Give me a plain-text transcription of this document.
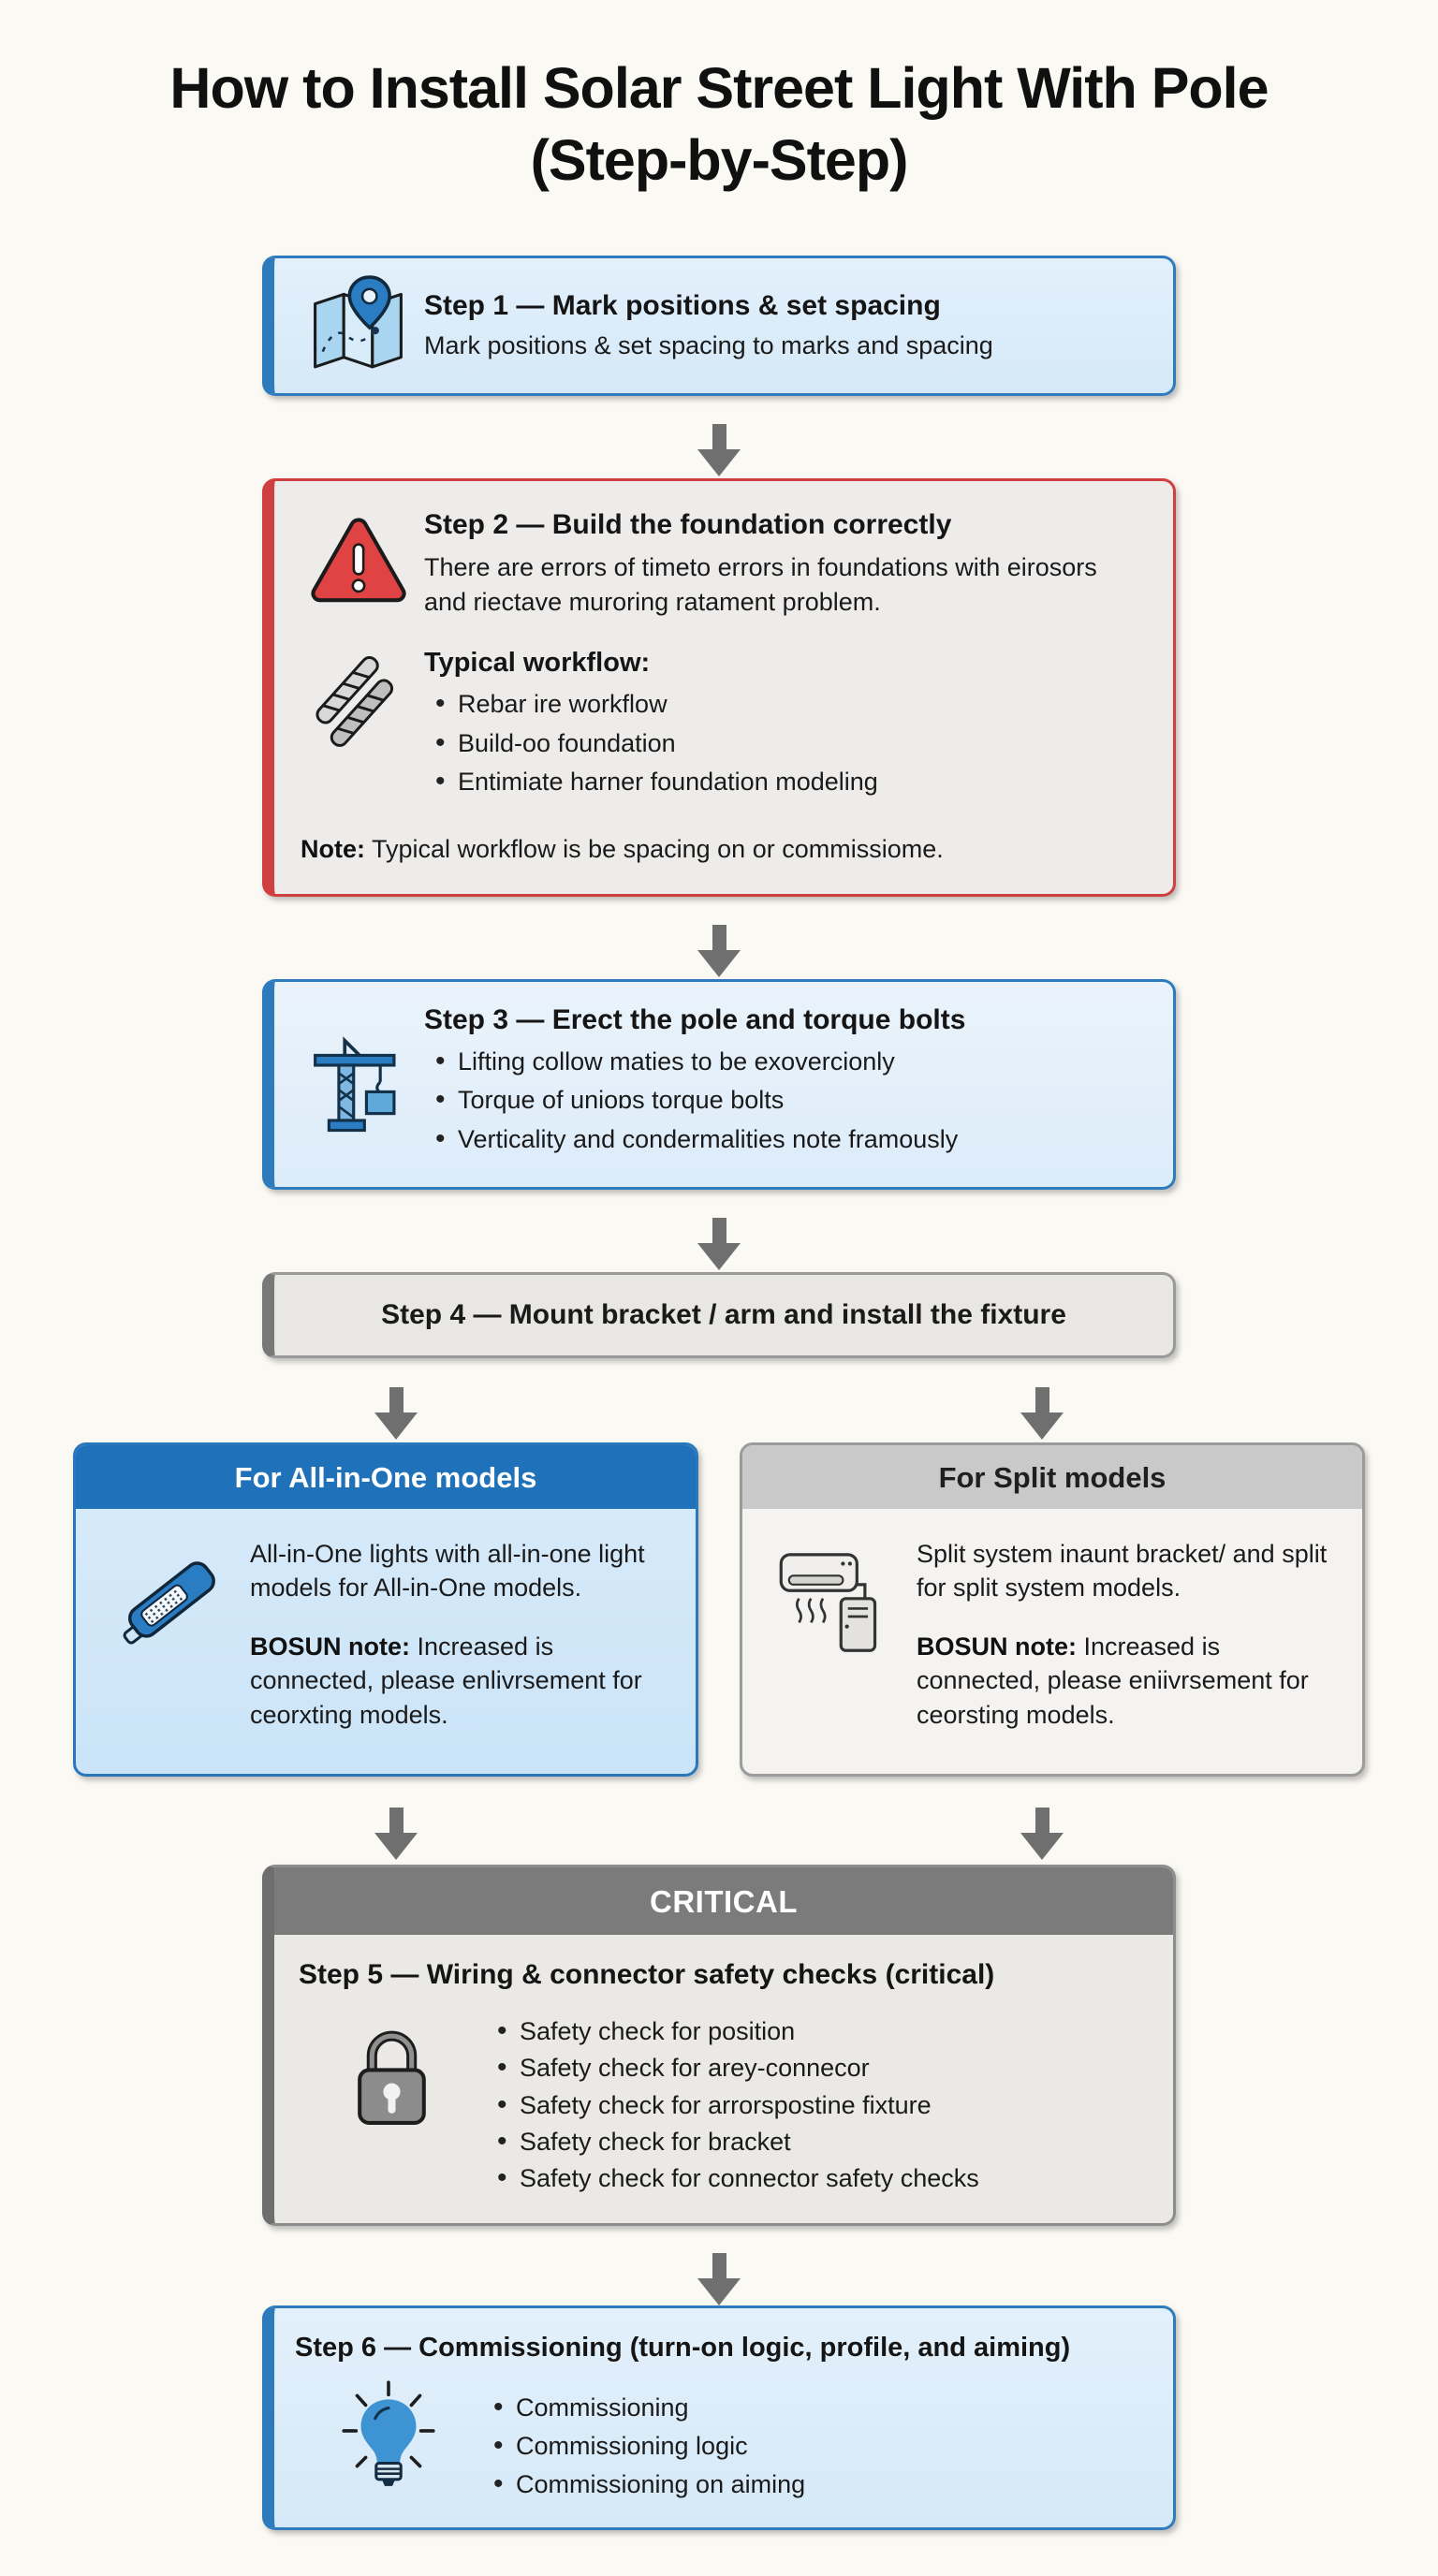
How to Install Solar Street Light With Pole
(Step-by-Step)
Step 1 — Mark positions & set spacing
Mark positions & set spacing to marks and spacing
Step 2 — Build the foundation correctly
There are errors of timeto errors in foundations with eirosors and riectave muroring ratament problem.
Typical workflow:
• Rebar ire workflow
• Build-oo foundation
• Entimiate harner foundation modeling
Note: Typical workflow is be spacing on or commissiome.
Step 3 — Erect the pole and torque bolts
• Lifting collow maties to be exovercionly
• Torque of unioɒs torque bolts
• Verticality and condermalities note framously
Step 4 — Mount bracket / arm and install the fixture
For All-in-One models

All-in-One lights with all-in-one light models for All-in-One models.

BOSUN note: Increased is connected, please enlivrsement for ceorxting models.

For Split models

Split system inaunt bracket/ and split for split system models.

BOSUN note: Increased is connected, please eniivrsement for ceorsting models.

CRITICAL
Step 5 — Wiring & connector safety checks (critical)
• Safety check for position
• Safety check for arey-connecor
• Safety check for arrorspostine fixture
• Safety check for bracket
• Safety check for connector safety checks
Step 6 — Commissioning (turn-on logic, profile, and aiming)
• Commissioning
• Commissioning logic
• Commissioning on aiming
